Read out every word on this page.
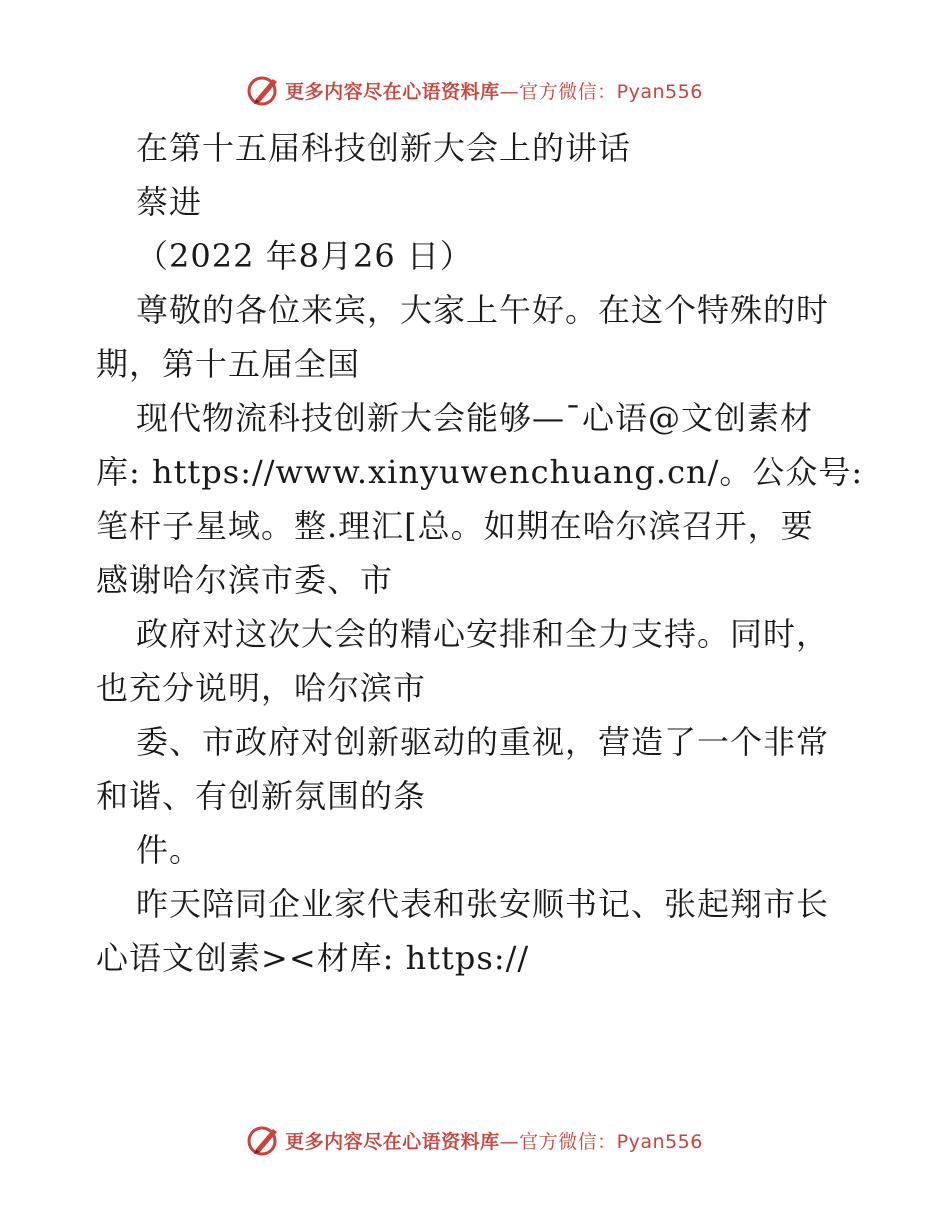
更多内容尽在心语资料库—官方微信：Pyan556

在第十五届科技创新大会上的讲话

蔡进

（2022 年8月26 日）

尊敬的各位来宾，大家上午好。在这个特殊的时

期，第十五届全国

现代物流科技创新大会能够—¯心语@文创素材

库: https://www.xinyuwenchuang.cn/。公众号:

笔杆子星域。整.理汇[总。如期在哈尔滨召开，要

感谢哈尔滨市委、市

政府对这次大会的精心安排和全力支持。同时，

也充分说明，哈尔滨市

委、市政府对创新驱动的重视，营造了一个非常

和谐、有创新氛围的条

件。

昨天陪同企业家代表和张安顺书记、张起翔市长

心语文创素><材库: https://

更多内容尽在心语资料库—官方微信：Pyan556
